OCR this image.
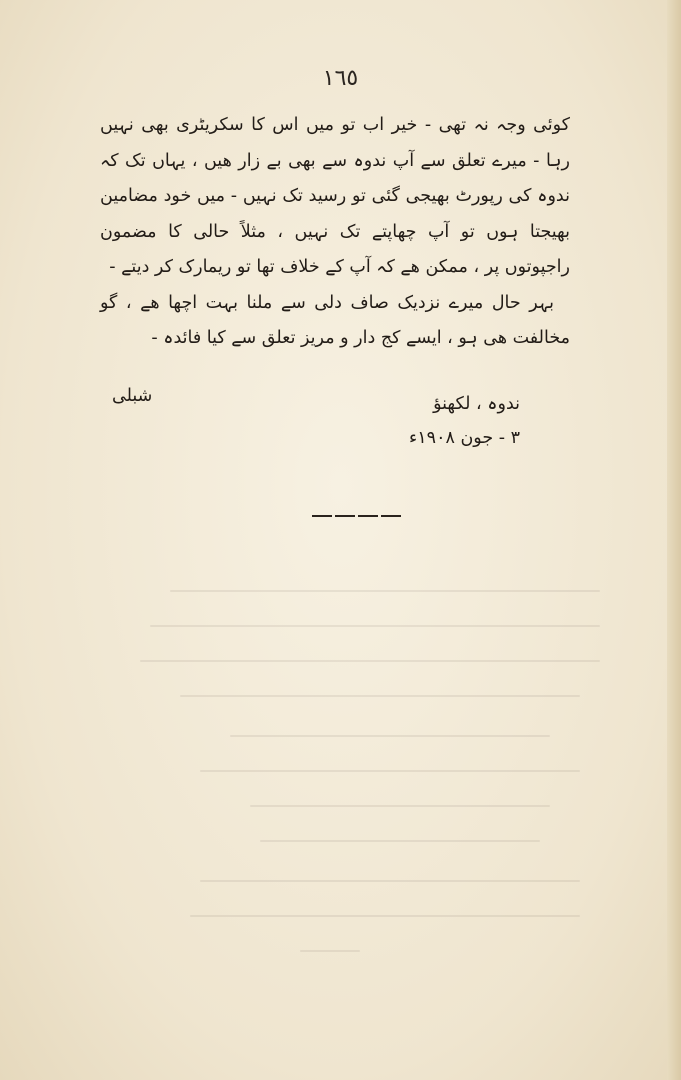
١٦٥

کوئی وجہ نہ تھی - خیر اب تو میں اس کا سکریٹری بھی نہیں رہا - میرے تعلق سے آپ ندوہ سے بھی بے زار ھیں ، یہاں تک کہ ندوہ کی رپورٹ بھیجی گئی تو رسید تک نہیں - میں خود مضامین بھیجتا ہوں تو آپ چھاپتے تک نہیں ، مثلاً حالی کا مضمون راجپوتوں پر ، ممکن ھے کہ آپ کے خلاف تھا تو ریمارک کر دیتے -

بہر حال میرے نزدیک صاف دلی سے ملنا بہت اچھا ھے ، گو مخالفت ھی ہو ، ایسے کج دار و مریز تعلق سے کیا فائدہ -

شبلی	ندوہ ، لکھنؤ
۳ - جون ۱۹۰۸ء
